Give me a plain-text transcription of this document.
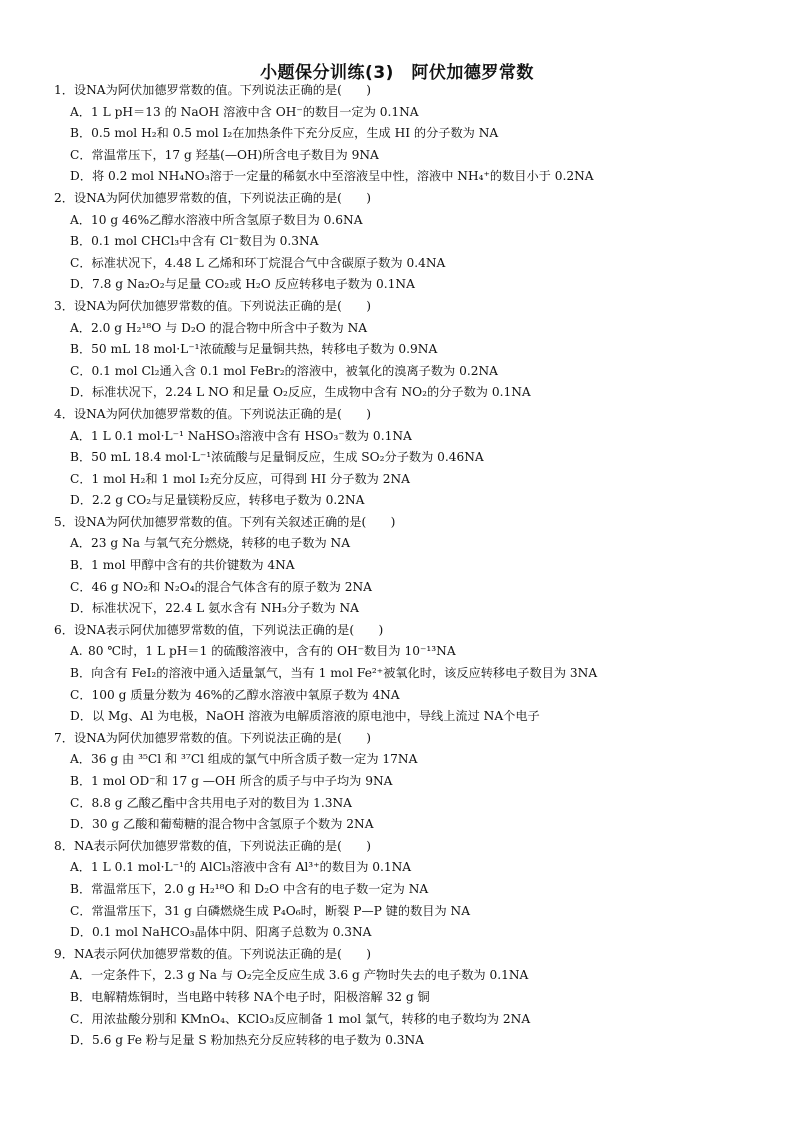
小题保分训练(3)　阿伏加德罗常数
1．设NA为阿伏加德罗常数的值。下列说法正确的是(　　)
A．1 L pH＝13 的 NaOH 溶液中含 OH⁻的数目一定为 0.1NA
B．0.5 mol H₂和 0.5 mol I₂在加热条件下充分反应，生成 HI 的分子数为 NA
C．常温常压下，17 g 羟基(—OH)所含电子数目为 9NA
D．将 0.2 mol NH₄NO₃溶于一定量的稀氨水中至溶液呈中性，溶液中 NH₄⁺的数目小于 0.2NA
2．设NA为阿伏加德罗常数的值，下列说法正确的是(　　)
A．10 g 46%乙醇水溶液中所含氢原子数目为 0.6NA
B．0.1 mol CHCl₃中含有 Cl⁻数目为 0.3NA
C．标准状况下，4.48 L 乙烯和环丁烷混合气中含碳原子数为 0.4NA
D．7.8 g Na₂O₂与足量 CO₂或 H₂O 反应转移电子数为 0.1NA
3．设NA为阿伏加德罗常数的值。下列说法正确的是(　　)
A．2.0 g H₂¹⁸O 与 D₂O 的混合物中所含中子数为 NA
B．50 mL 18 mol·L⁻¹浓硫酸与足量铜共热，转移电子数为 0.9NA
C．0.1 mol Cl₂通入含 0.1 mol FeBr₂的溶液中，被氧化的溴离子数为 0.2NA
D．标准状况下，2.24 L NO 和足量 O₂反应，生成物中含有 NO₂的分子数为 0.1NA
4．设NA为阿伏加德罗常数的值。下列说法正确的是(　　)
A．1 L 0.1 mol·L⁻¹ NaHSO₃溶液中含有 HSO₃⁻数为 0.1NA
B．50 mL 18.4 mol·L⁻¹浓硫酸与足量铜反应，生成 SO₂分子数为 0.46NA
C．1 mol H₂和 1 mol I₂充分反应，可得到 HI 分子数为 2NA
D．2.2 g CO₂与足量镁粉反应，转移电子数为 0.2NA
5．设NA为阿伏加德罗常数的值。下列有关叙述正确的是(　　)
A．23 g Na 与氧气充分燃烧，转移的电子数为 NA
B．1 mol 甲醇中含有的共价键数为 4NA
C．46 g NO₂和 N₂O₄的混合气体含有的原子数为 2NA
D．标准状况下，22.4 L 氨水含有 NH₃分子数为 NA
6．设NA表示阿伏加德罗常数的值，下列说法正确的是(　　)
A. 80 ℃时，1 L pH＝1 的硫酸溶液中，含有的 OH⁻数目为 10⁻¹³NA
B．向含有 FeI₂的溶液中通入适量氯气，当有 1 mol Fe²⁺被氧化时，该反应转移电子数目为 3NA
C．100 g 质量分数为 46%的乙醇水溶液中氧原子数为 4NA
D．以 Mg、Al 为电极，NaOH 溶液为电解质溶液的原电池中，导线上流过 NA个电子
7．设NA为阿伏加德罗常数的值。下列说法正确的是(　　)
A．36 g 由 ³⁵Cl 和 ³⁷Cl 组成的氯气中所含质子数一定为 17NA
B．1 mol OD⁻和 17 g —OH 所含的质子与中子均为 9NA
C．8.8 g 乙酸乙酯中含共用电子对的数目为 1.3NA
D．30 g 乙酸和葡萄糖的混合物中含氢原子个数为 2NA
8．NA表示阿伏加德罗常数的值，下列说法正确的是(　　)
A．1 L 0.1 mol·L⁻¹的 AlCl₃溶液中含有 Al³⁺的数目为 0.1NA
B．常温常压下，2.0 g H₂¹⁸O 和 D₂O 中含有的电子数一定为 NA
C．常温常压下，31 g 白磷燃烧生成 P₄O₆时，断裂 P—P 键的数目为 NA
D．0.1 mol NaHCO₃晶体中阴、阳离子总数为 0.3NA
9．NA表示阿伏加德罗常数的值。下列说法正确的是(　　)
A．一定条件下，2.3 g Na 与 O₂完全反应生成 3.6 g 产物时失去的电子数为 0.1NA
B．电解精炼铜时，当电路中转移 NA个电子时，阳极溶解 32 g 铜
C．用浓盐酸分别和 KMnO₄、KClO₃反应制备 1 mol 氯气，转移的电子数均为 2NA
D．5.6 g Fe 粉与足量 S 粉加热充分反应转移的电子数为 0.3NA
